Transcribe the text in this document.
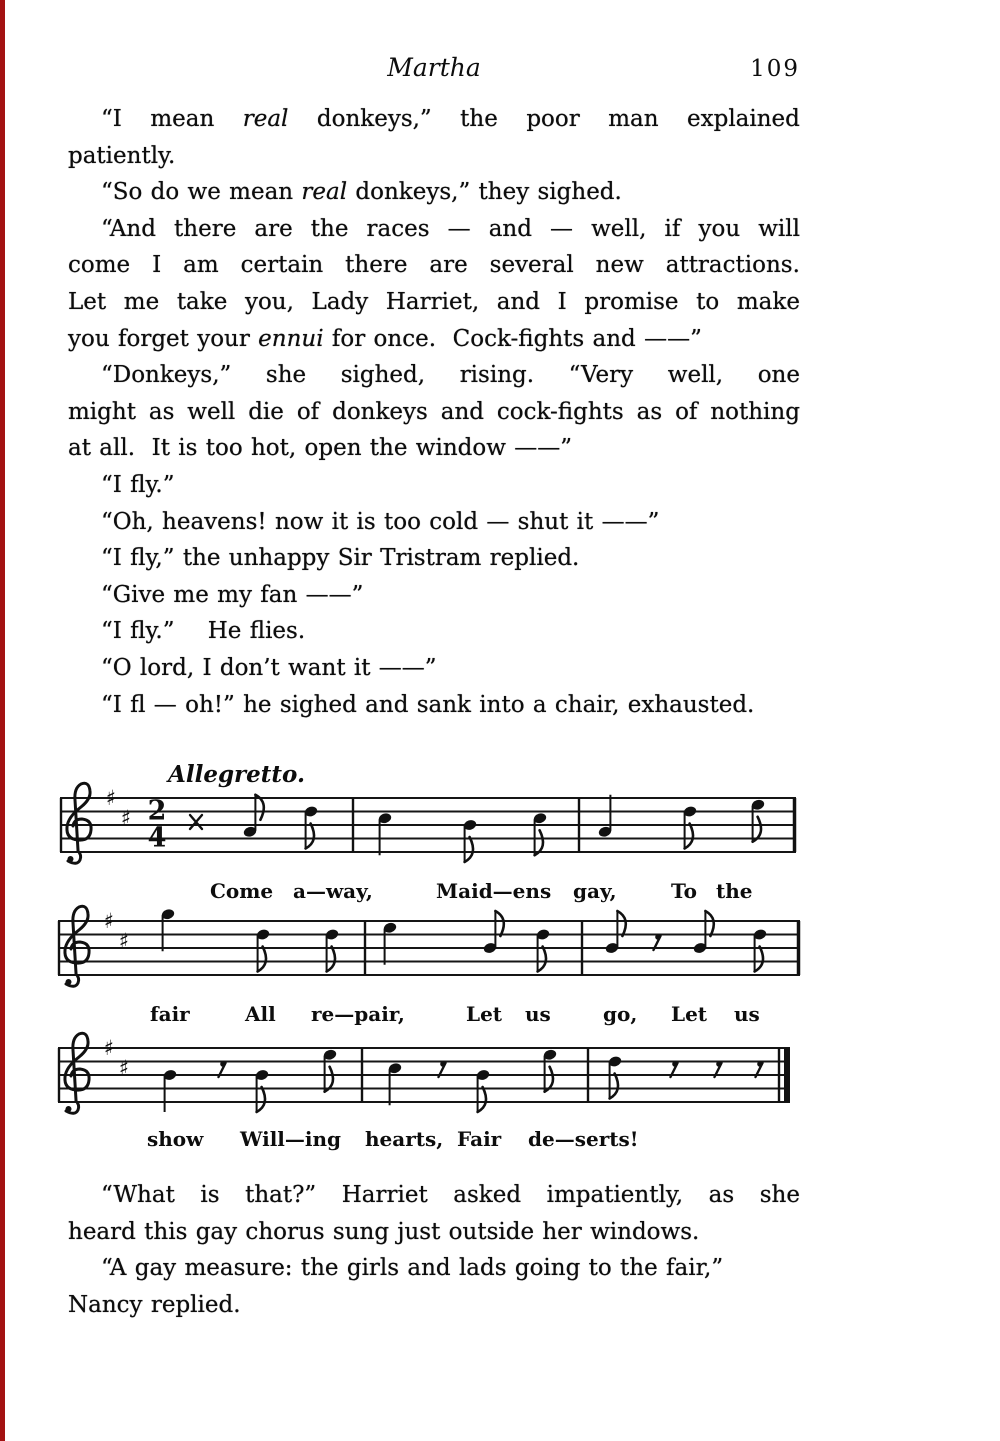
Martha	109
“I mean real donkeys,” the poor man explained
patiently.
“So do we mean real donkeys,” they sighed.
“And there are the races — and — well, if you will
come I am certain there are several new attractions.
Let me take you, Lady Harriet, and I promise to make
you forget your ennui for once.  Cock-fights and ——”
“Donkeys,” she sighed, rising. “Very well, one
might as well die of donkeys and cock-fights as of nothing
at all.  It is too hot, open the window ——”
“I fly.”
“Oh, heavens! now it is too cold — shut it ——”
“I fly,” the unhappy Sir Tristram replied.
“Give me my fan ——”
“I fly.”    He flies.
“O lord, I don’t want it ——”
“I fl — oh!” he sighed and sank into a chair, exhausted.
Allegretto.
♯
♯ 2
4
Come a—way,	Maid—ens gay,	To the
♯
♯
fair	All re—pair,	Let us	go, Let us
♯
♯
show Will—ing hearts, Fair de—serts!
“What is that?” Harriet asked impatiently, as she
heard this gay chorus sung just outside her windows.
“A gay measure: the girls and lads going to the fair,”
Nancy replied.
